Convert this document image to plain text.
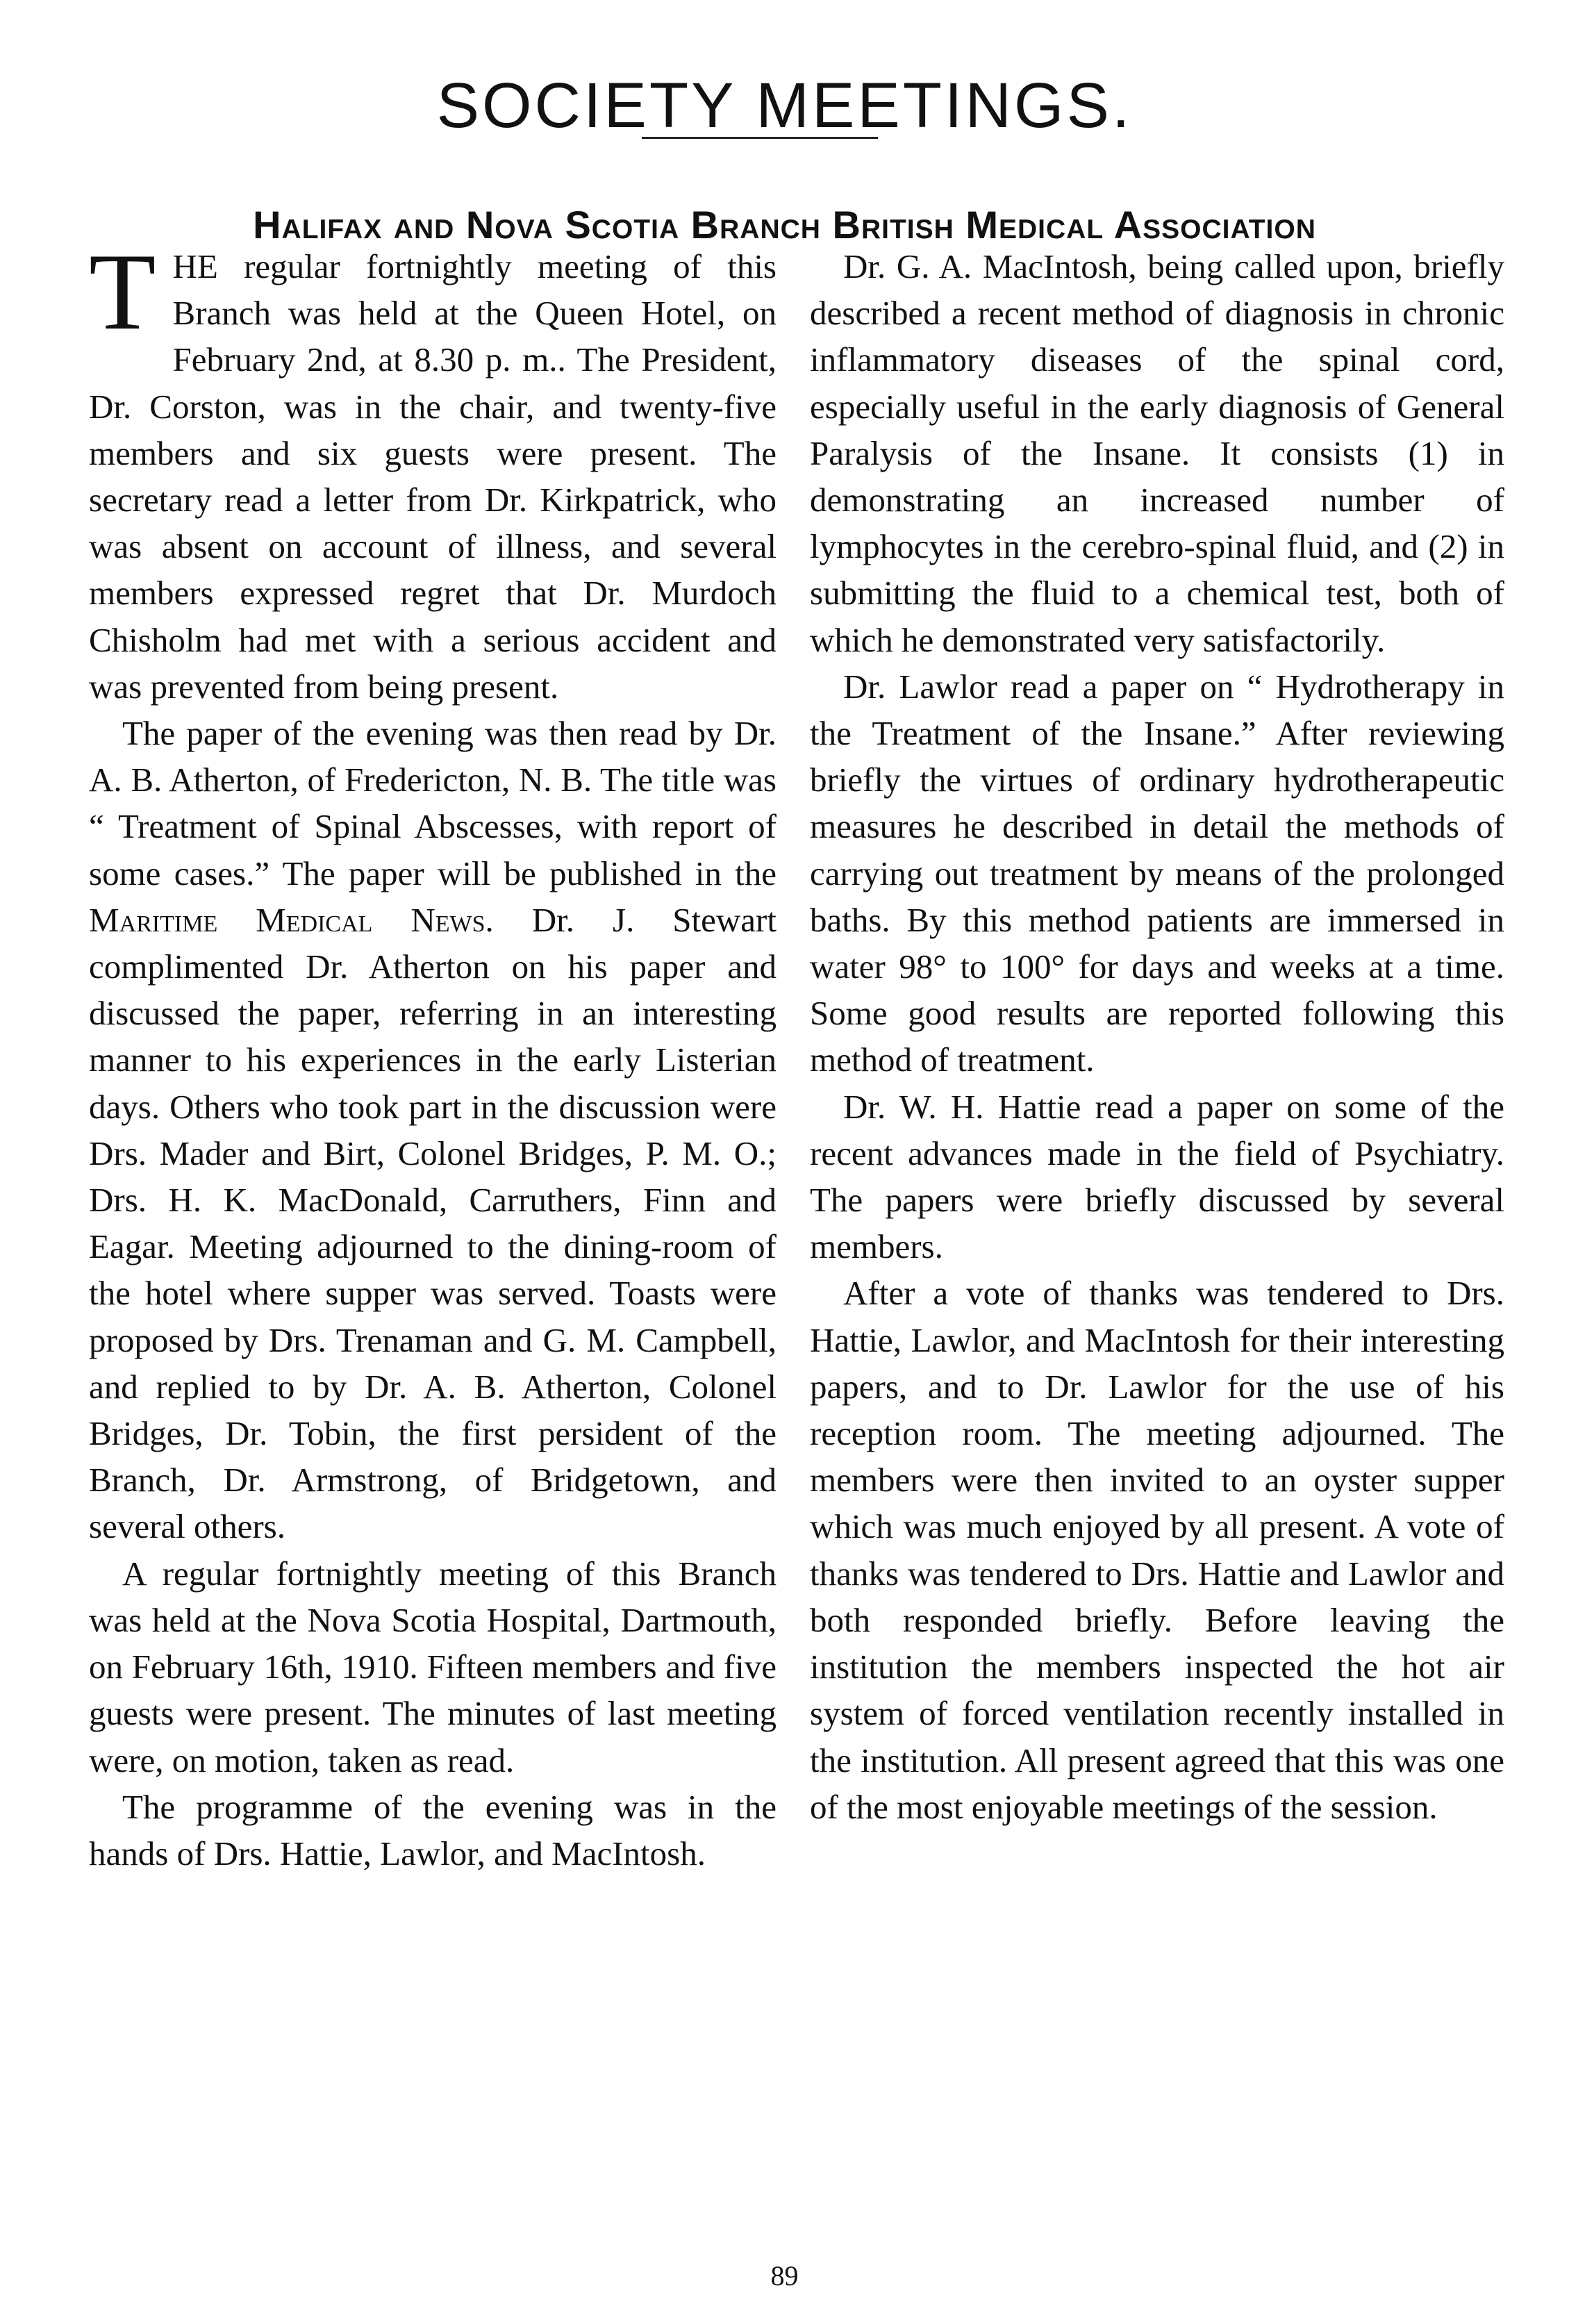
SOCIETY MEETINGS.
Halifax and Nova Scotia Branch British Medical Association

THE regular fortnightly meeting of this Branch was held at the Queen Hotel, on February 2nd, at 8.30 p. m.. The President, Dr. Corston, was in the chair, and twenty-five members and six guests were present. The secretary read a letter from Dr. Kirkpatrick, who was absent on account of illness, and several members expressed regret that Dr. Murdoch Chisholm had met with a serious accident and was prevented from being present.

The paper of the evening was then read by Dr. A. B. Atherton, of Fredericton, N. B. The title was “ Treatment of Spinal Abscesses, with report of some cases.” The paper will be published in the Maritime Medical News. Dr. J. Stewart complimented Dr. Atherton on his paper and discussed the paper, referring in an interesting manner to his experiences in the early Listerian days. Others who took part in the discussion were Drs. Mader and Birt, Colonel Bridges, P. M. O.; Drs. H. K. MacDonald, Carruthers, Finn and Eagar. Meeting adjourned to the dining-room of the hotel where supper was served. Toasts were proposed by Drs. Trenaman and G. M. Campbell, and replied to by Dr. A. B. Atherton, Colonel Bridges, Dr. Tobin, the first persident of the Branch, Dr. Armstrong, of Bridgetown, and several others.

A regular fortnightly meeting of this Branch was held at the Nova Scotia Hospital, Dartmouth, on February 16th, 1910. Fifteen members and five guests were present. The minutes of last meeting were, on motion, taken as read.

The programme of the evening was in the hands of Drs. Hattie, Lawlor, and MacIntosh.

Dr. G. A. MacIntosh, being called upon, briefly described a recent method of diagnosis in chronic inflammatory diseases of the spinal cord, especially useful in the early diagnosis of General Paralysis of the Insane. It consists (1) in demonstrating an increased number of lymphocytes in the cerebro-spinal fluid, and (2) in submitting the fluid to a chemical test, both of which he demonstrated very satisfactorily.

Dr. Lawlor read a paper on “ Hydrotherapy in the Treatment of the Insane.” After reviewing briefly the virtues of ordinary hydrotherapeutic measures he described in detail the methods of carrying out treatment by means of the prolonged baths. By this method patients are immersed in water 98° to 100° for days and weeks at a time. Some good results are reported following this method of treatment.

Dr. W. H. Hattie read a paper on some of the recent advances made in the field of Psychiatry. The papers were briefly discussed by several members.

After a vote of thanks was tendered to Drs. Hattie, Lawlor, and MacIntosh for their interesting papers, and to Dr. Lawlor for the use of his reception room. The meeting adjourned. The members were then invited to an oyster supper which was much enjoyed by all present. A vote of thanks was tendered to Drs. Hattie and Lawlor and both responded briefly. Before leaving the institution the members inspected the hot air system of forced ventilation recently installed in the institution. All present agreed that this was one of the most enjoyable meetings of the session.

89
